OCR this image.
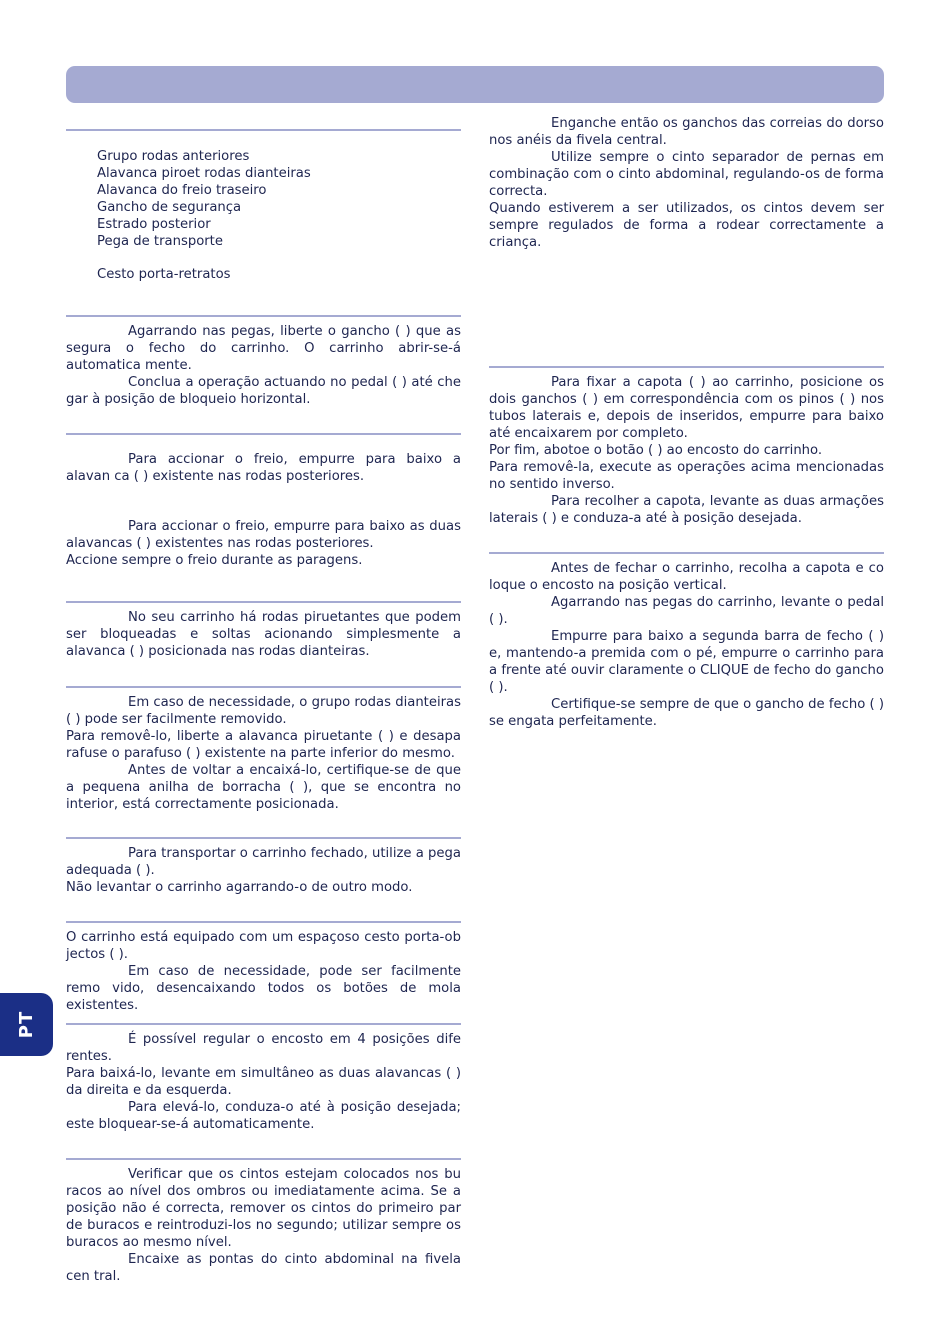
PT
Grupo rodas anteriores
Alavanca piroet rodas dianteiras
Alavanca do freio traseiro
Gancho de segurança
Estrado posterior
Pega de transporte
Cesto porta-retratos

Agarrando nas pegas, liberte o gancho ( ) que as segura o fecho do carrinho. O carrinho abrir-se-á automatica mente.

Conclua a operação actuando no pedal ( ) até che gar à posição de bloqueio horizontal.

Para accionar o freio, empurre para baixo a alavan ca ( ) existente nas rodas posteriores.

Para accionar o freio, empurre para baixo as duas alavancas ( ) existentes nas rodas posteriores.

Accione sempre o freio durante as paragens.

No seu carrinho há rodas piruetantes que podem ser bloqueadas e soltas acionando simplesmente a alavanca ( ) posicionada nas rodas dianteiras.

Em caso de necessidade, o grupo rodas dianteiras ( ) pode ser facilmente removido.

Para removê-lo, liberte a alavanca piruetante ( ) e desapa rafuse o parafuso ( ) existente na parte inferior do mesmo.

Antes de voltar a encaixá-lo, certifique-se de que a pequena anilha de borracha ( ), que se encontra no interior, está correctamente posicionada.

Para transportar o carrinho fechado, utilize a pega adequada ( ).

Não levantar o carrinho agarrando-o de outro modo.

O carrinho está equipado com um espaçoso cesto porta-ob jectos ( ).

Em caso de necessidade, pode ser facilmente remo vido, desencaixando todos os botões de mola existentes.

É possível regular o encosto em 4 posições dife rentes.

Para baixá-lo, levante em simultâneo as duas alavancas ( ) da direita e da esquerda.

Para elevá-lo, conduza-o até à posição desejada; este bloquear-se-á automaticamente.

Verificar que os cintos estejam colocados nos bu racos ao nível dos ombros ou imediatamente acima. Se a posição não é correcta, remover os cintos do primeiro par de buracos e reintroduzi-los no segundo; utilizar sempre os buracos ao mesmo nível.

Encaixe as pontas do cinto abdominal na fivela cen tral.

Enganche então os ganchos das correias do dorso nos anéis da fivela central.

Utilize sempre o cinto separador de pernas em combinação com o cinto abdominal, regulando-os de forma correcta.

Quando estiverem a ser utilizados, os cintos devem ser sempre regulados de forma a rodear correctamente a criança.

Para fixar a capota ( ) ao carrinho, posicione os dois ganchos ( ) em correspondência com os pinos ( ) nos tubos laterais e, depois de inseridos, empurre para baixo até encaixarem por completo.

Por fim, abotoe o botão ( ) ao encosto do carrinho.

Para removê-la, execute as operações acima mencionadas no sentido inverso.

Para recolher a capota, levante as duas armações laterais ( ) e conduza-a até à posição desejada.

Antes de fechar o carrinho, recolha a capota e co loque o encosto na posição vertical.

Agarrando nas pegas do carrinho, levante o pedal ( ).

Empurre para baixo a segunda barra de fecho ( ) e, mantendo-a premida com o pé, empurre o carrinho para a frente até ouvir claramente o CLIQUE de fecho do gancho ( ).

Certifique-se sempre de que o gancho de fecho ( ) se engata perfeitamente.
